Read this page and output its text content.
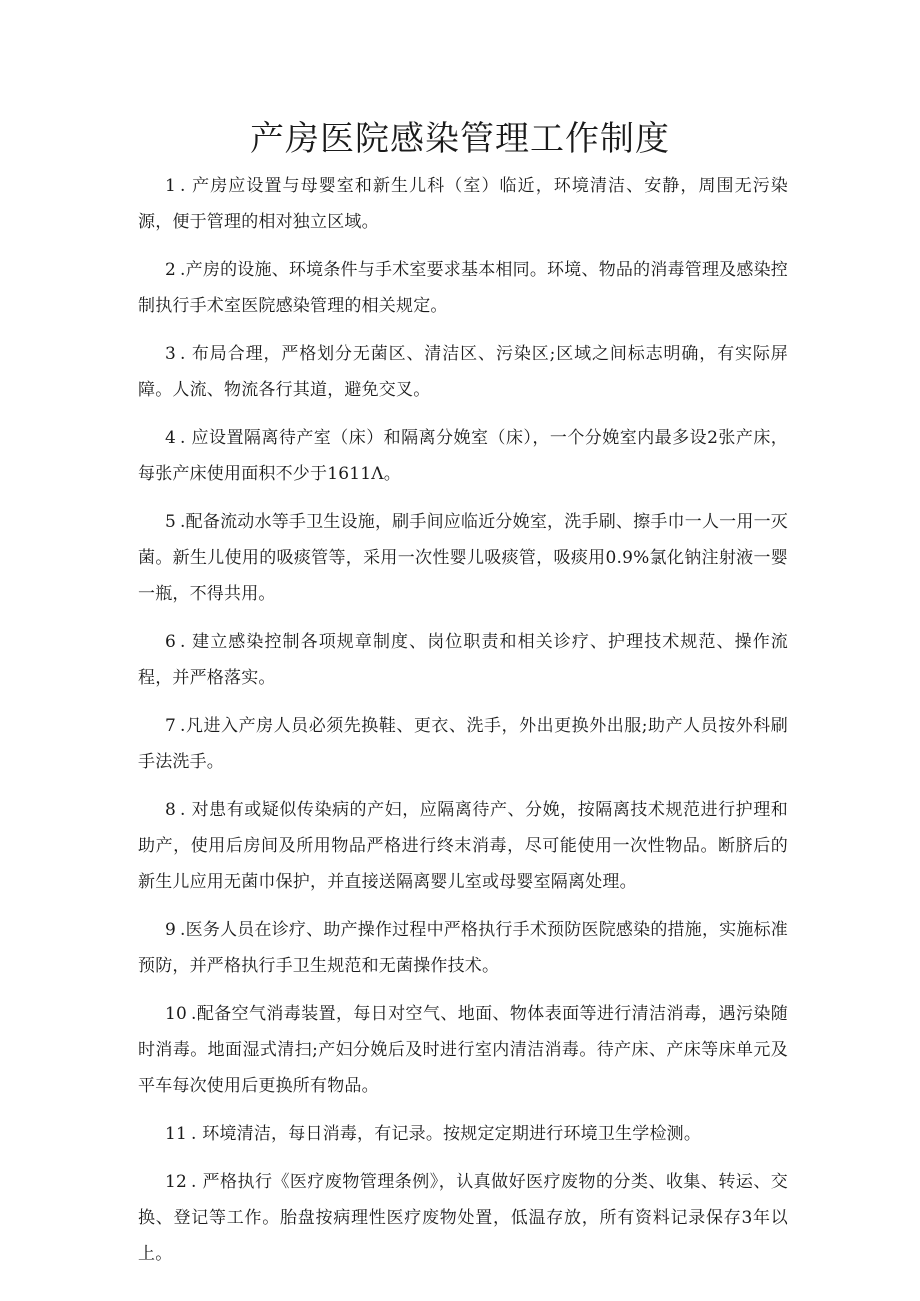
产房医院感染管理工作制度

1 . 产房应设置与母婴室和新生儿科（室）临近，环境清洁、安静，周围无污染源，便于管理的相对独立区域。

2 .产房的设施、环境条件与手术室要求基本相同。环境、物品的消毒管理及感染控制执行手术室医院感染管理的相关规定。

3 . 布局合理，严格划分无菌区、清洁区、污染区;区域之间标志明确，有实际屏障。人流、物流各行其道，避免交叉。

4 . 应设置隔离待产室（床）和隔离分娩室（床），一个分娩室内最多设2张产床，每张产床使用面积不少于1611Λ。

5 .配备流动水等手卫生设施，刷手间应临近分娩室，洗手刷、擦手巾一人一用一灭菌。新生儿使用的吸痰管等，采用一次性婴儿吸痰管，吸痰用0.9%氯化钠注射液一婴一瓶，不得共用。

6 . 建立感染控制各项规章制度、岗位职责和相关诊疗、护理技术规范、操作流程，并严格落实。

7 .凡进入产房人员必须先换鞋、更衣、洗手，外出更换外出服;助产人员按外科刷手法洗手。

8 . 对患有或疑似传染病的产妇，应隔离待产、分娩，按隔离技术规范进行护理和助产，使用后房间及所用物品严格进行终末消毒，尽可能使用一次性物品。断脐后的新生儿应用无菌巾保护，并直接送隔离婴儿室或母婴室隔离处理。

9 .医务人员在诊疗、助产操作过程中严格执行手术预防医院感染的措施，实施标准预防，并严格执行手卫生规范和无菌操作技术。

10 .配备空气消毒装置，每日对空气、地面、物体表面等进行清洁消毒，遇污染随时消毒。地面湿式清扫;产妇分娩后及时进行室内清洁消毒。待产床、产床等床单元及平车每次使用后更换所有物品。

11 . 环境清洁，每日消毒，有记录。按规定定期进行环境卫生学检测。

12 . 严格执行《医疗废物管理条例》，认真做好医疗废物的分类、收集、转运、交换、登记等工作。胎盘按病理性医疗废物处置，低温存放，所有资料记录保存3年以上。
